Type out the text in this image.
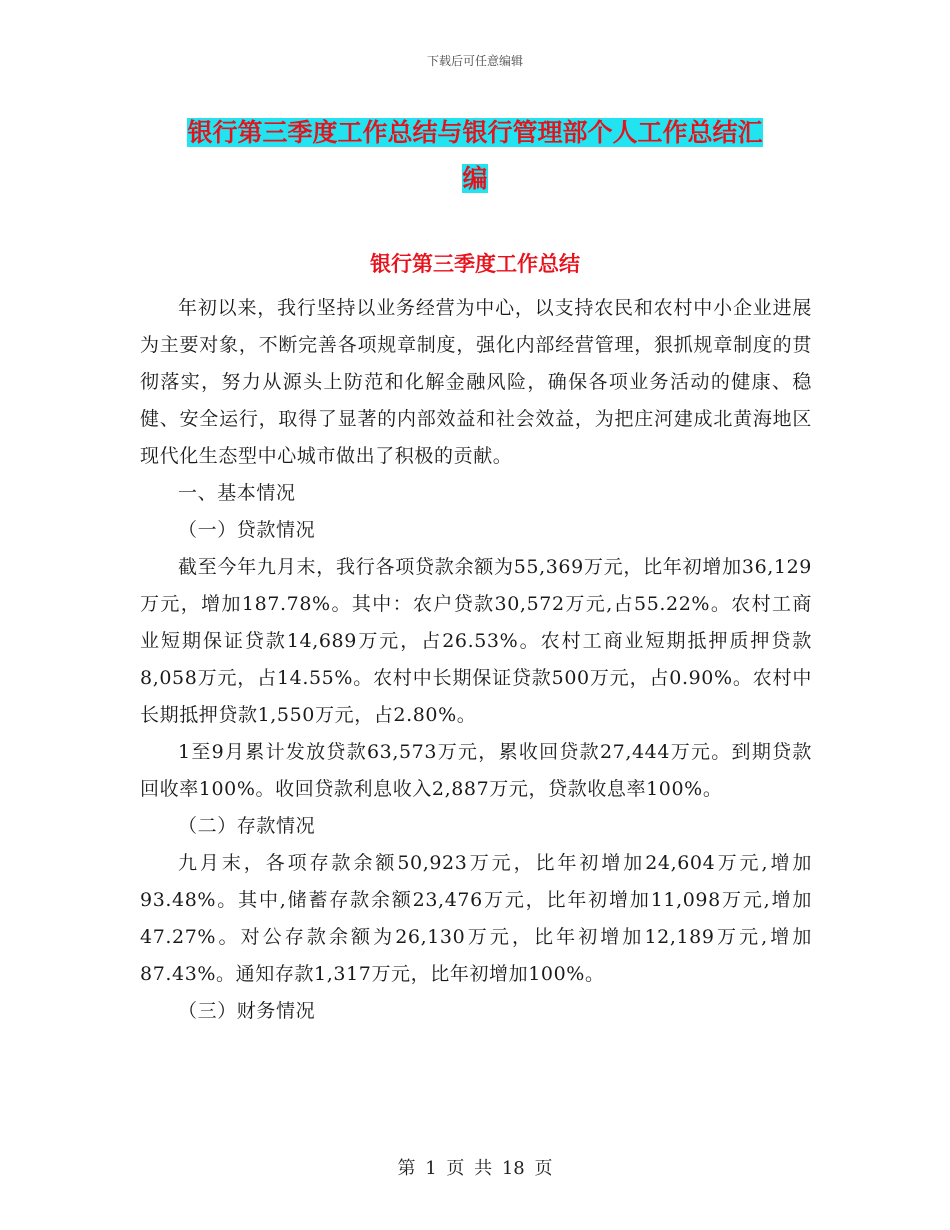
下载后可任意编辑
银行第三季度工作总结与银行管理部个人工作总结汇
编
银行第三季度工作总结

年初以来，我行坚持以业务经营为中心，以支持农民和农村中小企业进展为主要对象，不断完善各项规章制度，强化内部经营管理，狠抓规章制度的贯彻落实，努力从源头上防范和化解金融风险，确保各项业务活动的健康、稳健、安全运行，取得了显著的内部效益和社会效益，为把庄河建成北黄海地区现代化生态型中心城市做出了积极的贡献。

一、基本情况

（一）贷款情况

截至今年九月末，我行各项贷款余额为55,369万元，比年初增加36,129万元，增加187.78%。其中：农户贷款30,572万元,占55.22%。农村工商业短期保证贷款14,689万元，占26.53%。农村工商业短期抵押质押贷款8,058万元，占14.55%。农村中长期保证贷款500万元，占0.90%。农村中长期抵押贷款1,550万元，占2.80%。

1至9月累计发放贷款63,573万元，累收回贷款27,444万元。到期贷款回收率100%。收回贷款利息收入2,887万元，贷款收息率100%。

（二）存款情况

九月末，各项存款余额50,923万元，比年初增加24,604万元,增加93.48%。其中,储蓄存款余额23,476万元，比年初增加11,098万元,增加47.27%。对公存款余额为26,130万元，比年初增加12,189万元,增加87.43%。通知存款1,317万元，比年初增加100%。

（三）财务情况

第 1 页 共 18 页
